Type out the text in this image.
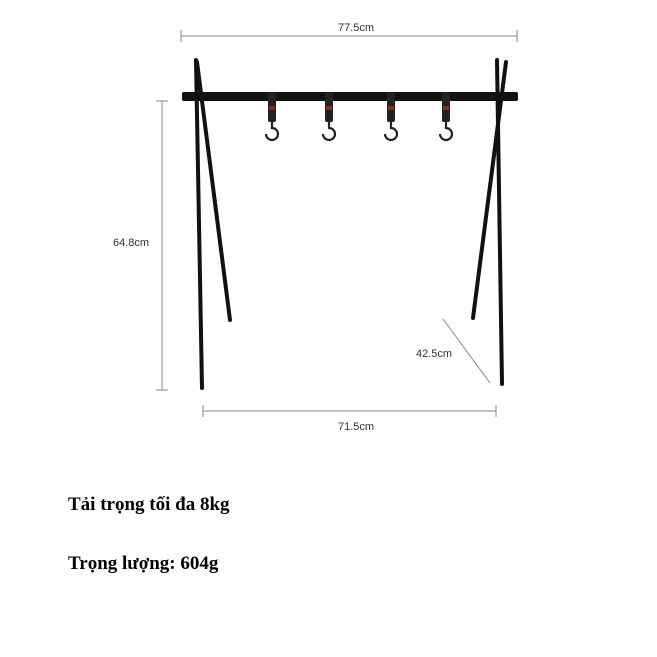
77.5cm
64.8cm
42.5cm
71.5cm
Tải trọng tối đa 8kg
Trọng lượng: 604g
